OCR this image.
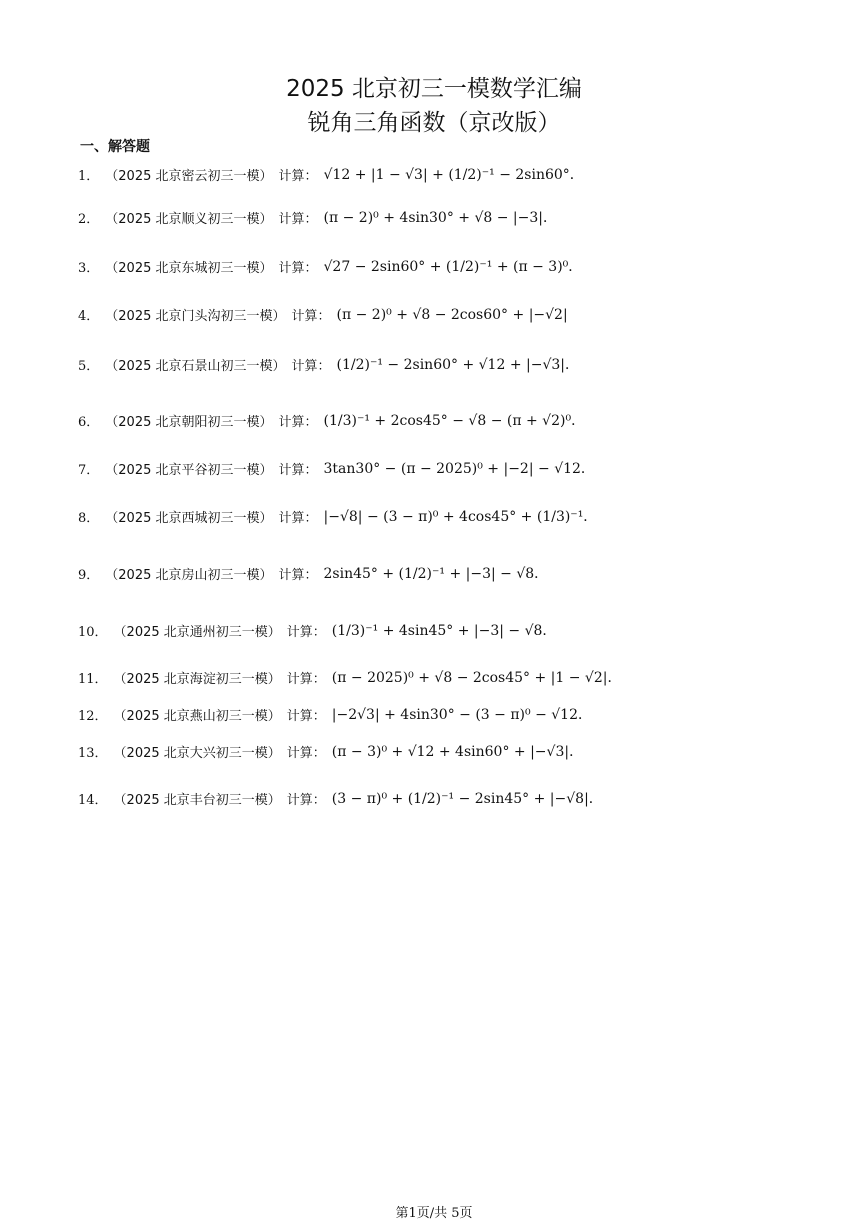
2025 北京初三一模数学汇编
锐角三角函数（京改版）
一、解答题
1． （2025 北京密云初三一模） 计算： √12 + |1 − √3| + (1/2)⁻¹ − 2sin60°．
2． （2025 北京顺义初三一模） 计算： (π − 2)⁰ + 4sin30° + √8 − |−3|．
3． （2025 北京东城初三一模） 计算： √27 − 2sin60° + (1/2)⁻¹ + (π − 3)⁰．
4． （2025 北京门头沟初三一模） 计算： (π − 2)⁰ + √8 − 2cos60° + |−√2|
5． （2025 北京石景山初三一模） 计算： (1/2)⁻¹ − 2sin60° + √12 + |−√3|．
6． （2025 北京朝阳初三一模） 计算： (1/3)⁻¹ + 2cos45° − √8 − (π + √2)⁰．
7． （2025 北京平谷初三一模） 计算： 3tan30° − (π − 2025)⁰ + |−2| − √12．
8． （2025 北京西城初三一模） 计算： |−√8| − (3 − π)⁰ + 4cos45° + (1/3)⁻¹．
9． （2025 北京房山初三一模） 计算： 2sin45° + (1/2)⁻¹ + |−3| − √8．
10． （2025 北京通州初三一模） 计算： (1/3)⁻¹ + 4sin45° + |−3| − √8．
11． （2025 北京海淀初三一模） 计算： (π − 2025)⁰ + √8 − 2cos45° + |1 − √2|．
12． （2025 北京燕山初三一模） 计算： |−2√3| + 4sin30° − (3 − π)⁰ − √12．
13． （2025 北京大兴初三一模） 计算： (π − 3)⁰ + √12 + 4sin60° + |−√3|．
14． （2025 北京丰台初三一模） 计算： (3 − π)⁰ + (1/2)⁻¹ − 2sin45° + |−√8|．
第1页/共 5页
